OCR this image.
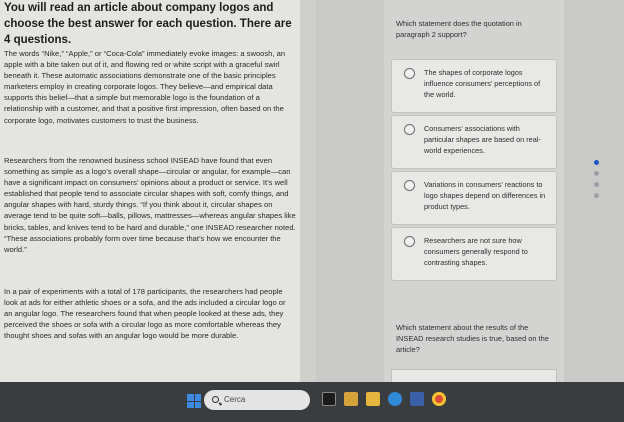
You will read an article about company logos and choose the best answer for each question. There are 4 questions.
The words “Nike,” “Apple,” or “Coca-Cola” immediately evoke images: a swoosh, an apple with a bite taken out of it, and flowing red or white script with a graceful swirl beneath it. These automatic associations demonstrate one of the basic principles marketers employ in creating corporate logos. They believe—and empirical data supports this belief—that a simple but memorable logo is the foundation of a relationship with a customer, and that a positive first impression, often based on the corporate logo, motivates customers to trust the business.
Researchers from the renowned business school INSEAD have found that even something as simple as a logo’s overall shape—circular or angular, for example—can have a significant impact on consumers’ opinions about a product or service. It’s well established that people tend to associate circular shapes with soft, comfy things, and angular shapes with hard, sturdy things. “If you think about it, circular shapes on average tend to be quite soft—balls, pillows, mattresses—whereas angular shapes like bricks, tables, and knives tend to be hard and durable,” one INSEAD researcher noted. “These associations probably form over time because that’s how we encounter the world.”
In a pair of experiments with a total of 178 participants, the researchers had people look at ads for either athletic shoes or a sofa, and the ads included a circular logo or an angular logo. The researchers found that when people looked at these ads, they perceived the shoes or sofa with a circular logo as more comfortable whereas they thought shoes and sofas with an angular logo would be more durable.
Which statement does the quotation in paragraph 2 support?
The shapes of corporate logos influence consumers’ perceptions of the world.
Consumers’ associations with particular shapes are based on real-world experiences.
Variations in consumers’ reactions to logo shapes depend on differences in product types.
Researchers are not sure how consumers generally respond to contrasting shapes.
Which statement about the results of the INSEAD research studies is true, based on the article?
Cerca
